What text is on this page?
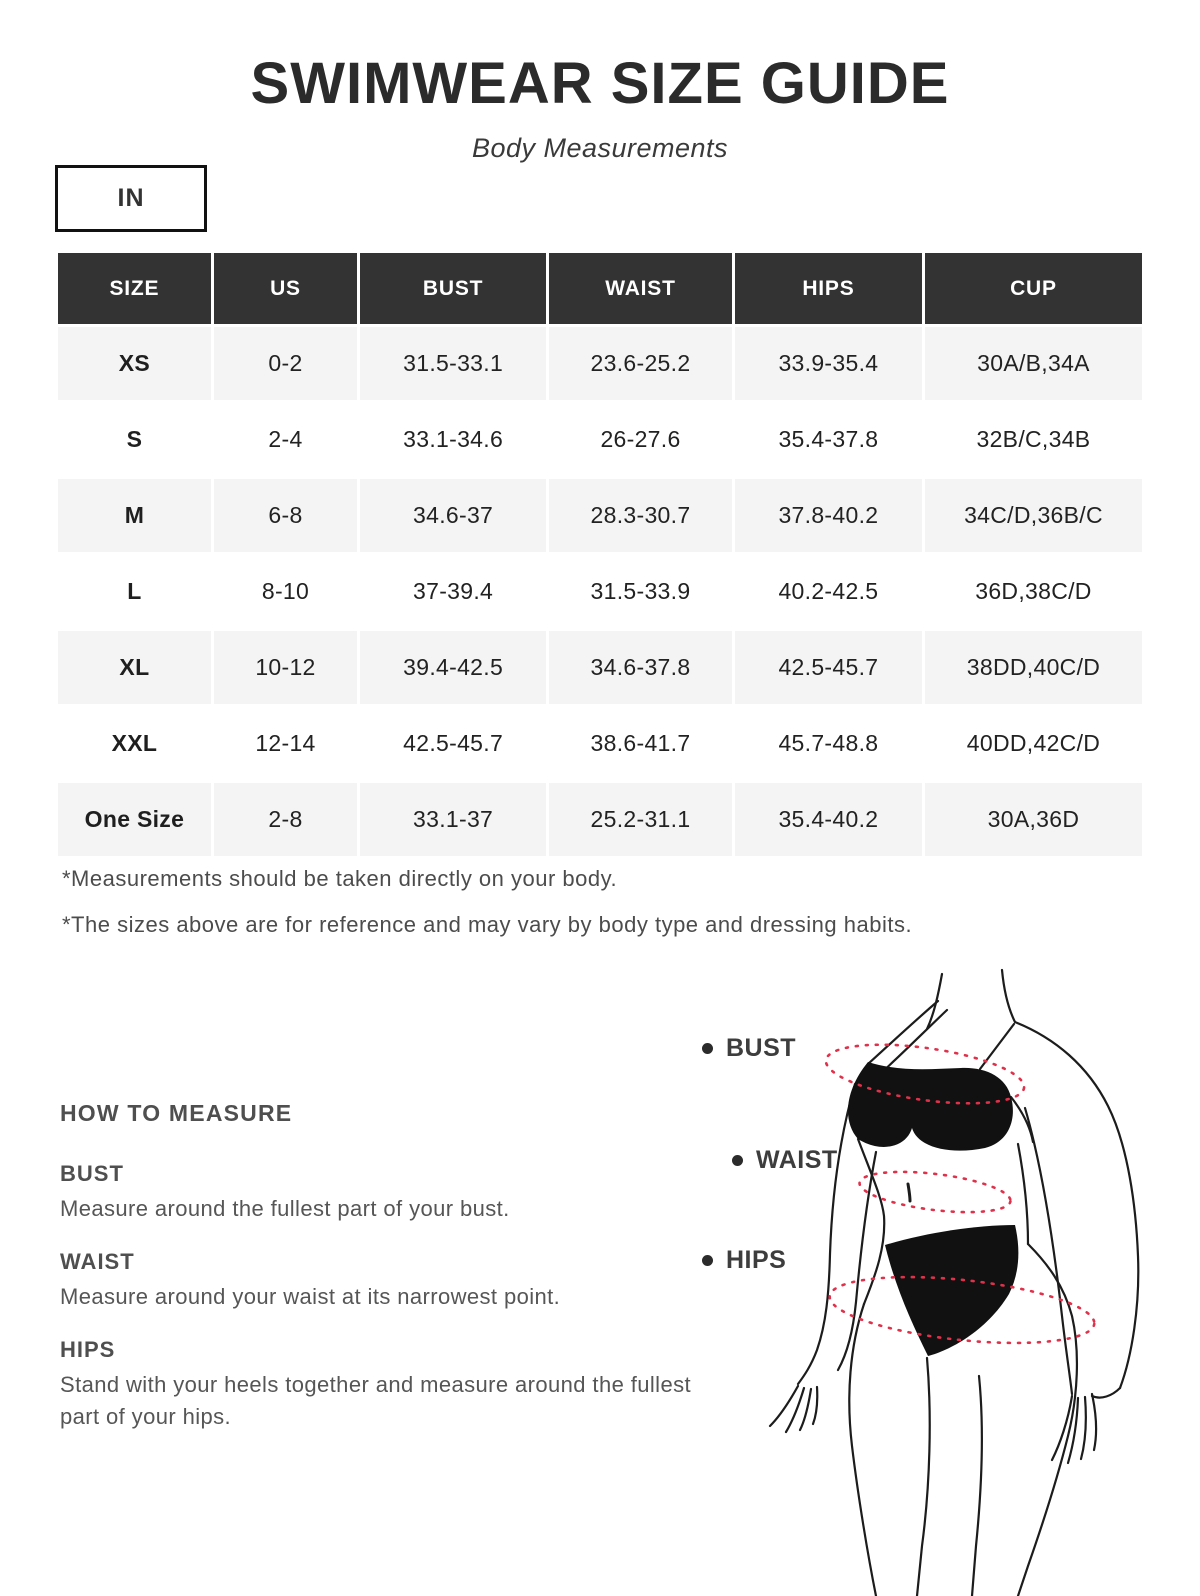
SWIMWEAR SIZE GUIDE
Body Measurements
IN
SIZE	US	BUST	WAIST	HIPS	CUP
XS	0-2	31.5-33.1	23.6-25.2	33.9-35.4	30A/B,34A
S	2-4	33.1-34.6	26-27.6	35.4-37.8	32B/C,34B
M	6-8	34.6-37	28.3-30.7	37.8-40.2	34C/D,36B/C
L	8-10	37-39.4	31.5-33.9	40.2-42.5	36D,38C/D
XL	10-12	39.4-42.5	34.6-37.8	42.5-45.7	38DD,40C/D
XXL	12-14	42.5-45.7	38.6-41.7	45.7-48.8	40DD,42C/D
One Size	2-8	33.1-37	25.2-31.1	35.4-40.2	30A,36D
*Measurements should be taken directly on your body.
*The sizes above are for reference and may vary by body type and dressing habits.
HOW TO MEASURE
BUST

Measure around the fullest part of your bust.

WAIST

Measure around your waist at its narrowest point.

HIPS

Stand with your heels together and measure around the fullest part of your hips.

BUST
WAIST
HIPS
